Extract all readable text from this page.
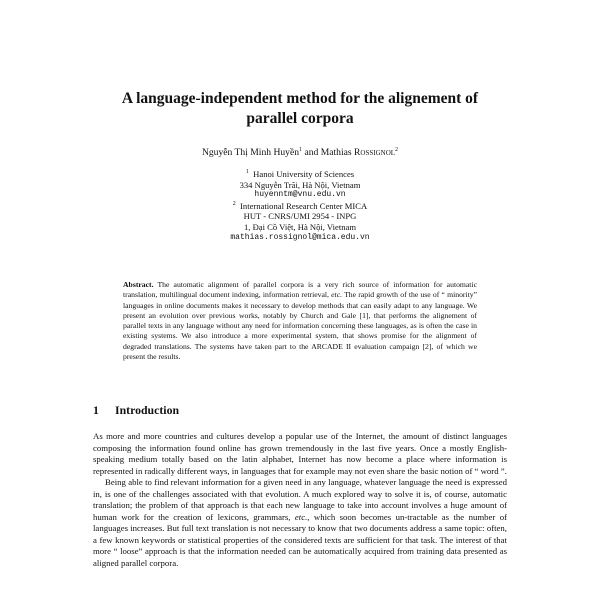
A language-independent method for the alignement of
parallel corpora
Nguyễn Thị Minh Huyền$^1$ and Mathias Rossignol$^2$
$^1$ Hanoi University of Sciences
334 Nguyễn Trãi, Hà Nội, Vietnam
huyenntm@vnu.edu.vn
$^2$ International Research Center MICA
HUT - CNRS/UMI 2954 - INPG
1, Đại Cồ Việt, Hà Nội, Vietnam
mathias.rossignol@mica.edu.vn
Abstract. The automatic alignment of parallel corpora is a very rich source of information for automatic translation, multilingual document indexing, information retrieval, etc. The rapid growth of the use of “ minority” languages in online documents makes it necessary to develop methods that can easily adapt to any language. We present an evolution over previous works, notably by Church and Gale [1], that performs the alignement of parallel texts in any language without any need for information concerning these languages, as is often the case in existing systems. We also introduce a more experimental system, that shows promise for the alignment of degraded translations. The systems have taken part to the ARCADE II evaluation campaign [2], of which we present the results.
1 Introduction

As more and more countries and cultures develop a popular use of the Internet, the amount of distinct languages composing the information found online has grown tremendously in the last five years. Once a mostly English-speaking medium totally based on the latin alphabet, Internet has now become a place where information is represented in radically different ways, in languages that for example may not even share the basic notion of “ word ”.

Being able to find relevant information for a given need in any language, whatever language the need is expressed in, is one of the challenges associated with that evolution. A much explored way to solve it is, of course, automatic translation; the problem of that approach is that each new language to take into account involves a huge amount of human work for the creation of lexicons, grammars, etc., which soon becomes un-tractable as the number of languages increases. But full text translation is not necessary to know that two documents address a same topic: often, a few known keywords or statistical properties of the considered texts are sufficient for that task. The interest of that more “ loose” approach is that the information needed can be automatically acquired from training data presented as aligned parallel corpora.
